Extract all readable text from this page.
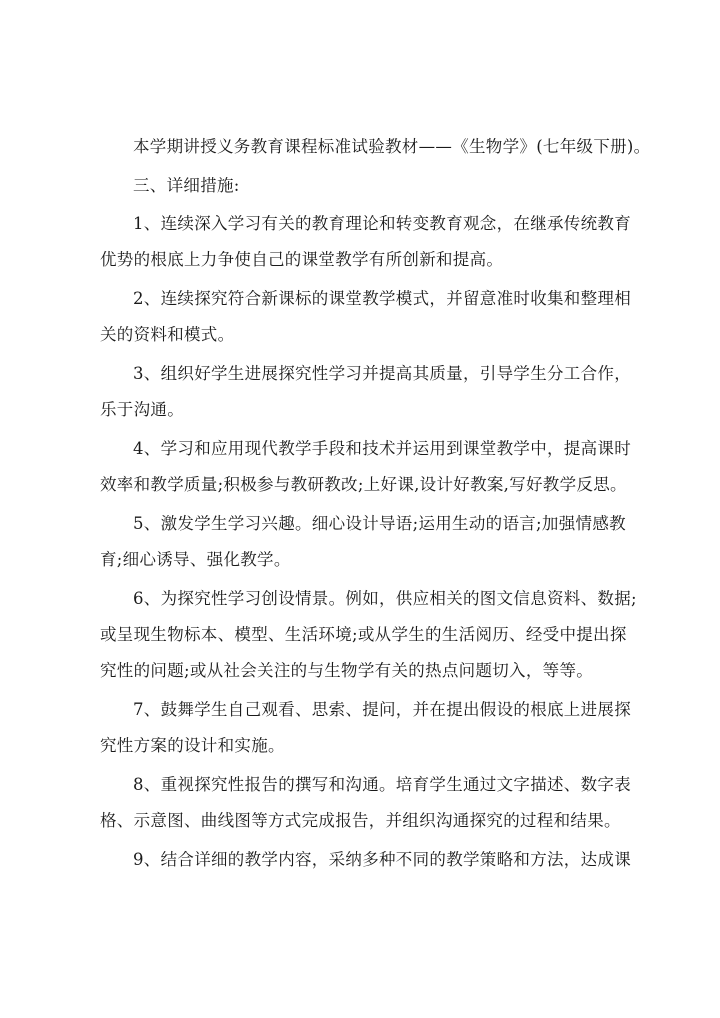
本学期讲授义务教育课程标准试验教材——《生物学》(七年级下册)。
三、详细措施:
1、连续深入学习有关的教育理论和转变教育观念，在继承传统教育
优势的根底上力争使自己的课堂教学有所创新和提高。
2、连续探究符合新课标的课堂教学模式，并留意准时收集和整理相
关的资料和模式。
3、组织好学生进展探究性学习并提高其质量，引导学生分工合作，
乐于沟通。
4、学习和应用现代教学手段和技术并运用到课堂教学中，提高课时
效率和教学质量;积极参与教研教改;上好课,设计好教案,写好教学反思。
5、激发学生学习兴趣。细心设计导语;运用生动的语言;加强情感教
育;细心诱导、强化教学。
6、为探究性学习创设情景。例如，供应相关的图文信息资料、数据;
或呈现生物标本、模型、生活环境;或从学生的生活阅历、经受中提出探
究性的问题;或从社会关注的与生物学有关的热点问题切入，等等。
7、鼓舞学生自己观看、思索、提问，并在提出假设的根底上进展探
究性方案的设计和实施。
8、重视探究性报告的撰写和沟通。培育学生通过文字描述、数字表
格、示意图、曲线图等方式完成报告，并组织沟通探究的过程和结果。
9、结合详细的教学内容，采纳多种不同的教学策略和方法，达成课
